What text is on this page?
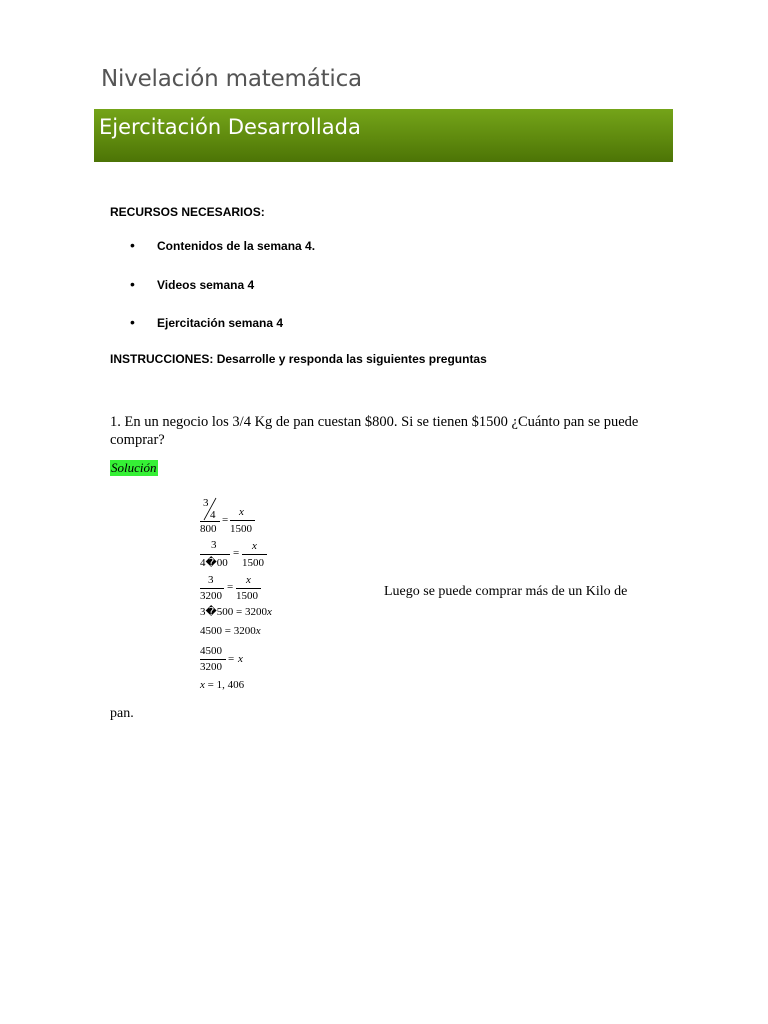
Nivelación matemática
Ejercitación Desarrollada
RECURSOS NECESARIOS:
• Contenidos de la semana 4.
• Videos semana 4
• Ejercitación semana 4
INSTRUCCIONES: Desarrolle y responda las siguientes preguntas
1. En un negocio los 3/4 Kg de pan cuestan $800. Si se tienen $1500 ¿Cuánto pan se puede comprar?
Solución
3
4
800
=
x
1500
3
4�00
=
x
1500
3
3200
=
x
1500
3�500 = 3200x
4500 = 3200x
4500
3200
= x
x = 1, 406
Luego se puede comprar más de un Kilo de
pan.
